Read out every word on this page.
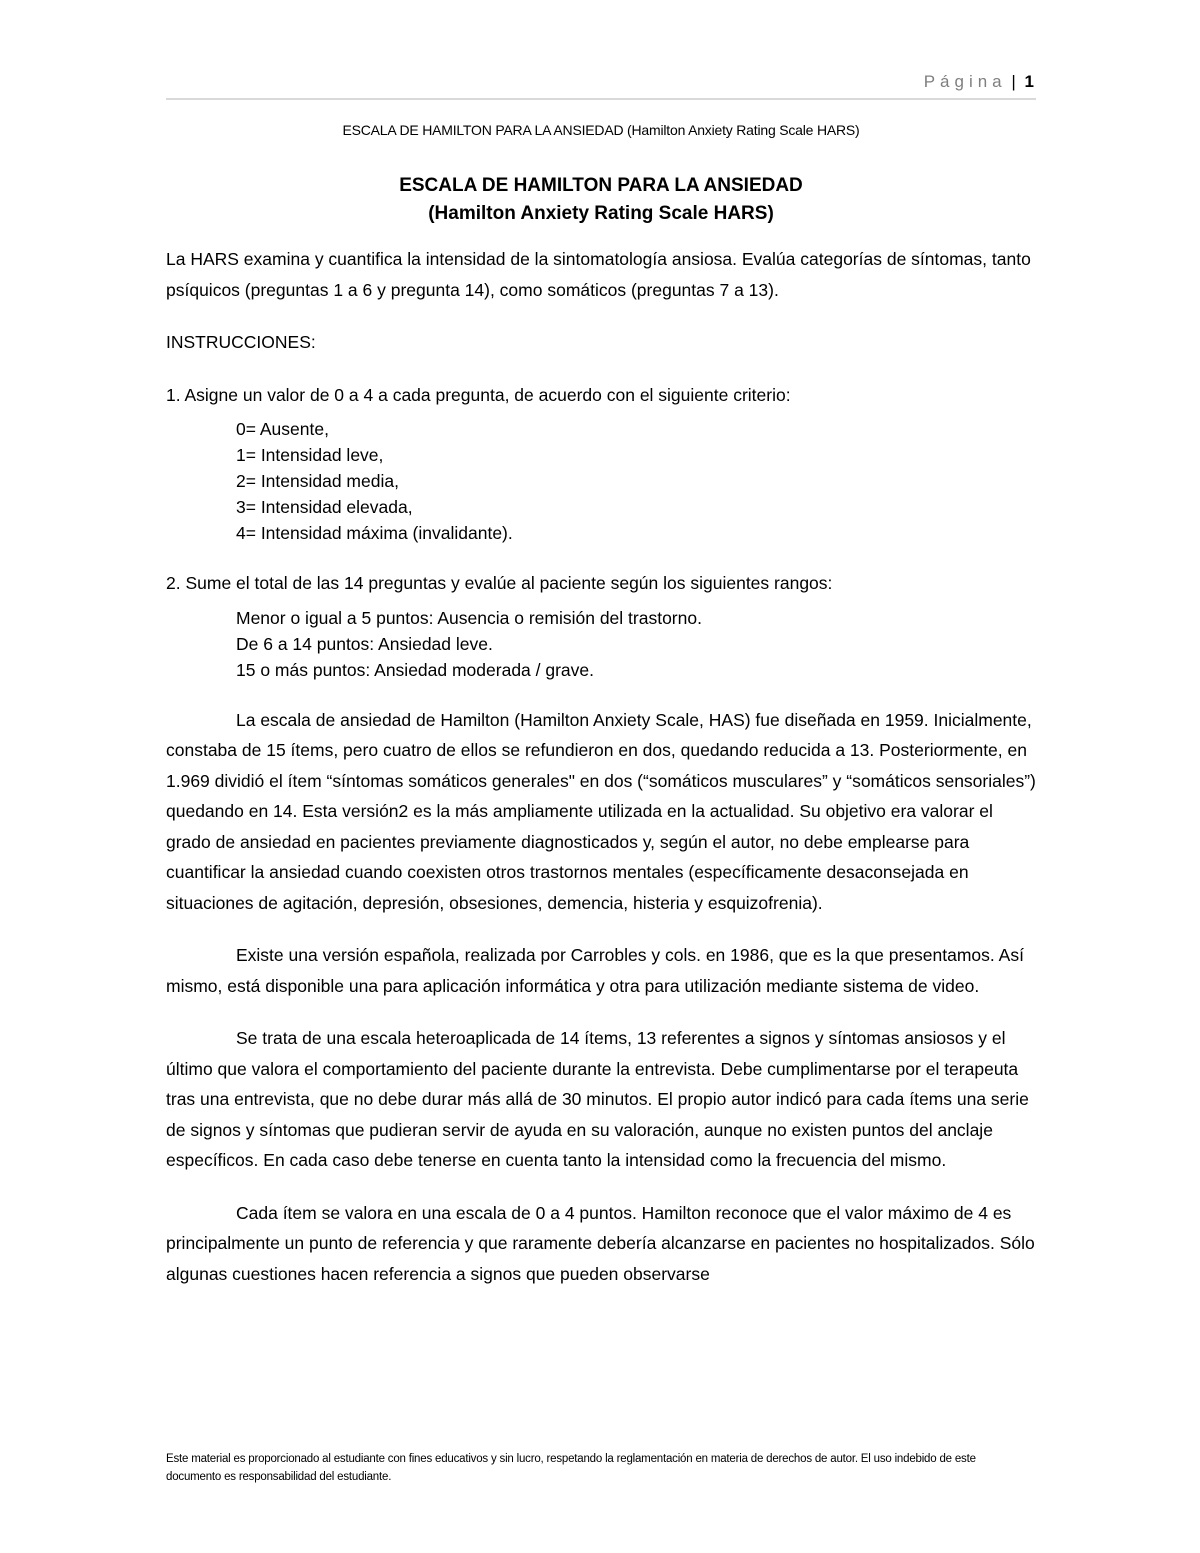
Página | 1
ESCALA DE HAMILTON PARA LA ANSIEDAD (Hamilton Anxiety Rating Scale HARS)
ESCALA DE HAMILTON PARA LA ANSIEDAD
(Hamilton Anxiety Rating Scale HARS)

La HARS examina y cuantifica la intensidad de la sintomatología ansiosa. Evalúa categorías de síntomas, tanto psíquicos (preguntas 1 a 6 y pregunta 14), como somáticos (preguntas 7 a 13).

INSTRUCCIONES:

1. Asigne un valor de 0 a 4 a cada pregunta, de acuerdo con el siguiente criterio:

0= Ausente,
1= Intensidad leve,
2= Intensidad media,
3= Intensidad elevada,
4= Intensidad máxima (invalidante).

2. Sume el total de las 14 preguntas y evalúe al paciente según los siguientes rangos:

Menor o igual a 5 puntos: Ausencia o remisión del trastorno.
De 6 a 14 puntos: Ansiedad leve.
15 o más puntos: Ansiedad moderada / grave.

La escala de ansiedad de Hamilton (Hamilton Anxiety Scale, HAS) fue diseñada en 1959. Inicialmente, constaba de 15 ítems, pero cuatro de ellos se refundieron en dos, quedando reducida a 13. Posteriormente, en 1.969 dividió el ítem “síntomas somáticos generales" en dos (“somáticos musculares” y “somáticos sensoriales”) quedando en 14. Esta versión2 es la más ampliamente utilizada en la actualidad. Su objetivo era valorar el grado de ansiedad en pacientes previamente diagnosticados y, según el autor, no debe emplearse para cuantificar la ansiedad cuando coexisten otros trastornos mentales (específicamente desaconsejada en situaciones de agitación, depresión, obsesiones, demencia, histeria y esquizofrenia).

Existe una versión española, realizada por Carrobles y cols. en 1986, que es la que presentamos. Así mismo, está disponible una para aplicación informática y otra para utilización mediante sistema de video.

Se trata de una escala heteroaplicada de 14 ítems, 13 referentes a signos y síntomas ansiosos y el último que valora el comportamiento del paciente durante la entrevista. Debe cumplimentarse por el terapeuta tras una entrevista, que no debe durar más allá de 30 minutos. El propio autor indicó para cada ítems una serie de signos y síntomas que pudieran servir de ayuda en su valoración, aunque no existen puntos del anclaje específicos. En cada caso debe tenerse en cuenta tanto la intensidad como la frecuencia del mismo.

Cada ítem se valora en una escala de 0 a 4 puntos. Hamilton reconoce que el valor máximo de 4 es principalmente un punto de referencia y que raramente debería alcanzarse en pacientes no hospitalizados. Sólo algunas cuestiones hacen referencia a signos que pueden observarse

Este material es proporcionado al estudiante con fines educativos y sin lucro, respetando la reglamentación en materia de derechos de autor. El uso indebido de este documento es responsabilidad del estudiante.
